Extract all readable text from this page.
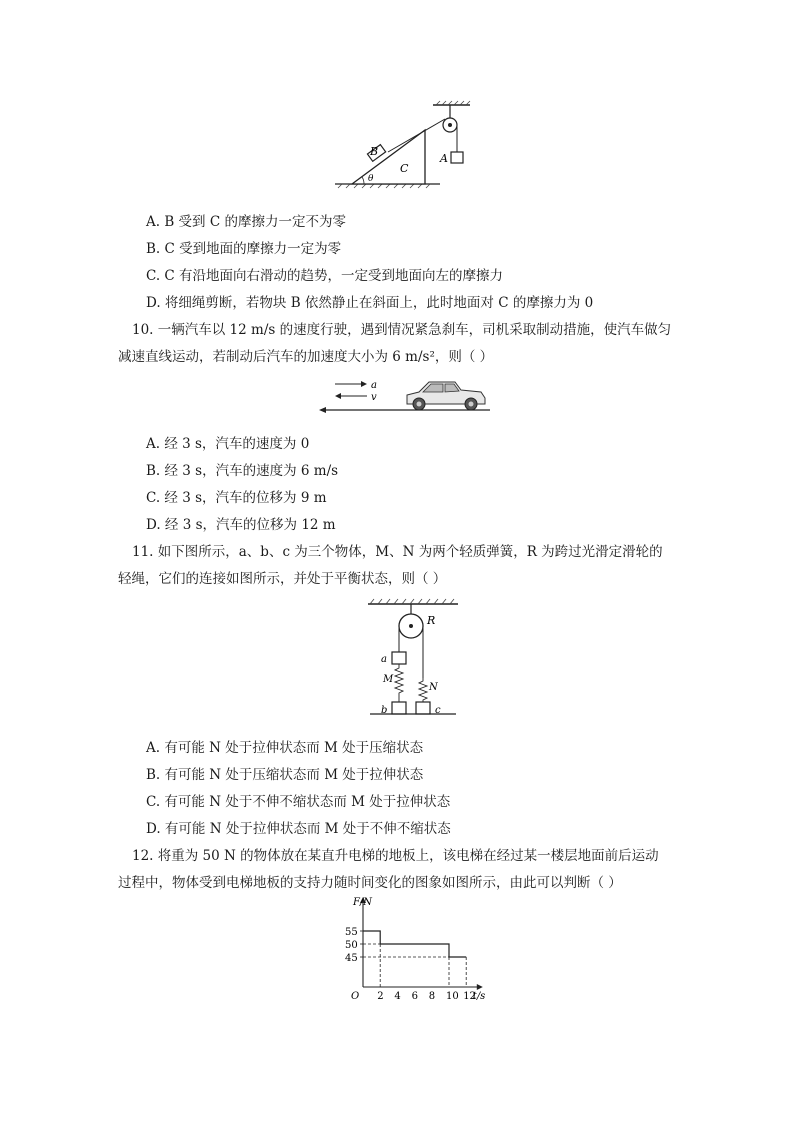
θ
B
C
A
A. B 受到 C 的摩擦力一定不为零
B. C 受到地面的摩擦力一定为零
C. C 有沿地面向右滑动的趋势，一定受到地面向左的摩擦力
D. 将细绳剪断，若物块 B 依然静止在斜面上，此时地面对 C 的摩擦力为 0
10. 一辆汽车以 12 m/s 的速度行驶，遇到情况紧急刹车，司机采取制动措施，使汽车做匀
减速直线运动，若制动后汽车的加速度大小为 6 m/s²，则（ ）
a
v
A. 经 3 s，汽车的速度为 0
B. 经 3 s，汽车的速度为 6 m/s
C. 经 3 s，汽车的位移为 9 m
D. 经 3 s，汽车的位移为 12 m
11. 如下图所示，a、b、c 为三个物体，M、N 为两个轻质弹簧，R 为跨过光滑定滑轮的
轻绳，它们的连接如图所示，并处于平衡状态，则（ ）
R
a
M
N
b	c
A. 有可能 N 处于拉伸状态而 M 处于压缩状态
B. 有可能 N 处于压缩状态而 M 处于拉伸状态
C. 有可能 N 处于不伸不缩状态而 M 处于拉伸状态
D. 有可能 N 处于拉伸状态而 M 处于不伸不缩状态
12. 将重为 50 N 的物体放在某直升电梯的地板上，该电梯在经过某一楼层地面前后运动
过程中，物体受到电梯地板的支持力随时间变化的图象如图所示，由此可以判断（ ）
F/N
t/s
O
45
50
55
2 4 6 8 10 12
